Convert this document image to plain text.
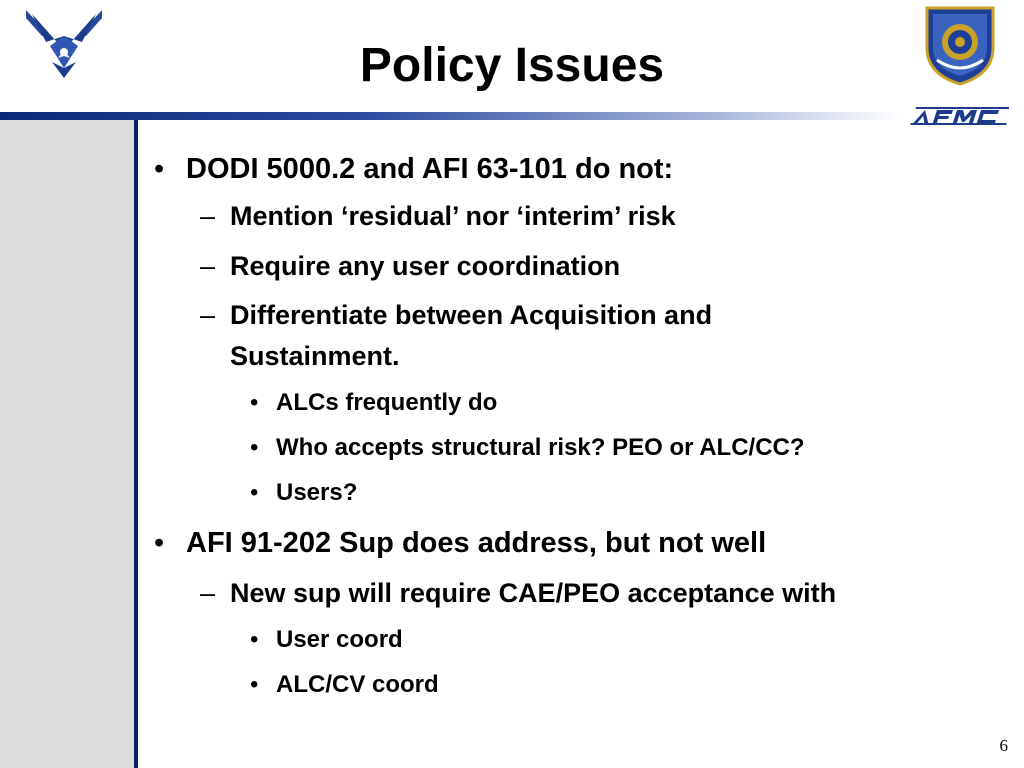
Policy Issues
• DODI 5000.2 and AFI 63-101 do not:
– Mention ‘residual’ nor ‘interim’ risk
– Require any user coordination
– Differentiate between Acquisition and
Sustainment.
• ALCs frequently do
• Who accepts structural risk? PEO or ALC/CC?
• Users?
• AFI 91-202 Sup does address, but not well
– New sup will require CAE/PEO acceptance with
• User coord
• ALC/CV coord
6
